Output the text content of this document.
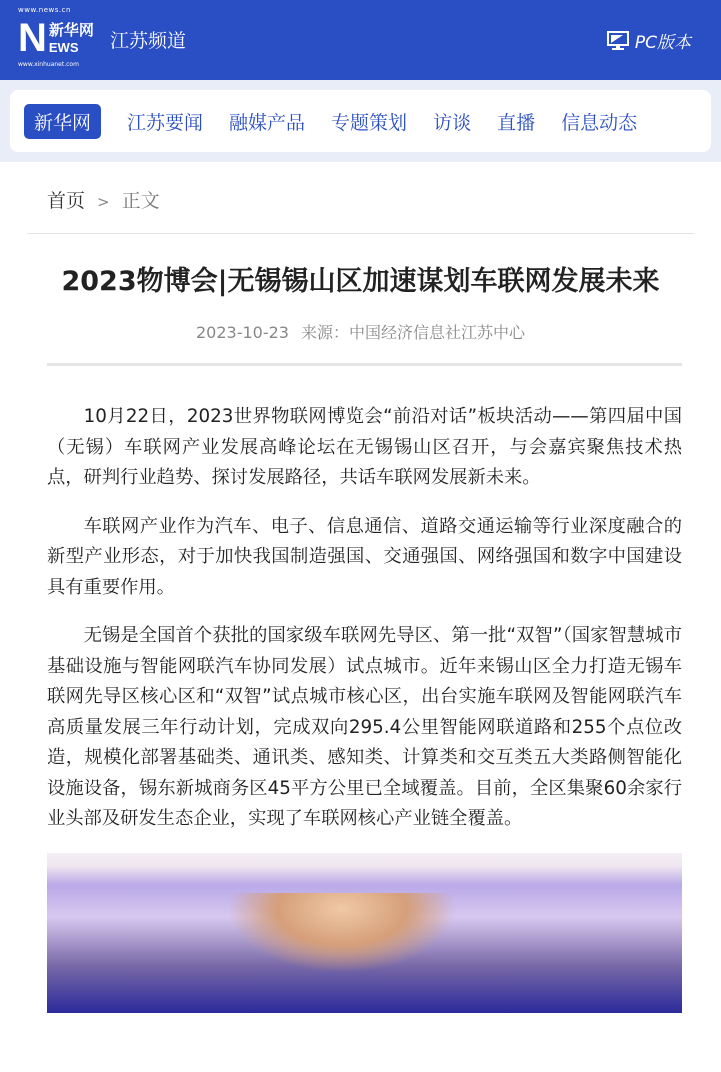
www.news.cn
N 新华网
EWS
www.xinhuanet.com
江苏频道	PC版本
新华网	江苏要闻 融媒产品 专题策划 访谈 直播 信息动态
首页 > 正文
2023物博会|无锡锡山区加速谋划车联网发展未来
2023-10-23 来源：中国经济信息社江苏中心

10月22日，2023世界物联网博览会“前沿对话”板块活动——第四届中国（无锡）车联网产业发展高峰论坛在无锡锡山区召开，与会嘉宾聚焦技术热点，研判行业趋势、探讨发展路径，共话车联网发展新未来。

车联网产业作为汽车、电子、信息通信、道路交通运输等行业深度融合的新型产业形态，对于加快我国制造强国、交通强国、网络强国和数字中国建设具有重要作用。

无锡是全国首个获批的国家级车联网先导区、第一批“双智”（国家智慧城市基础设施与智能网联汽车协同发展）试点城市。近年来锡山区全力打造无锡车联网先导区核心区和“双智”试点城市核心区，出台实施车联网及智能网联汽车高质量发展三年行动计划，完成双向295.4公里智能网联道路和255个点位改造，规模化部署基础类、通讯类、感知类、计算类和交互类五大类路侧智能化设施设备，锡东新城商务区45平方公里已全域覆盖。目前，全区集聚60余家行业头部及研发生态企业，实现了车联网核心产业链全覆盖。
